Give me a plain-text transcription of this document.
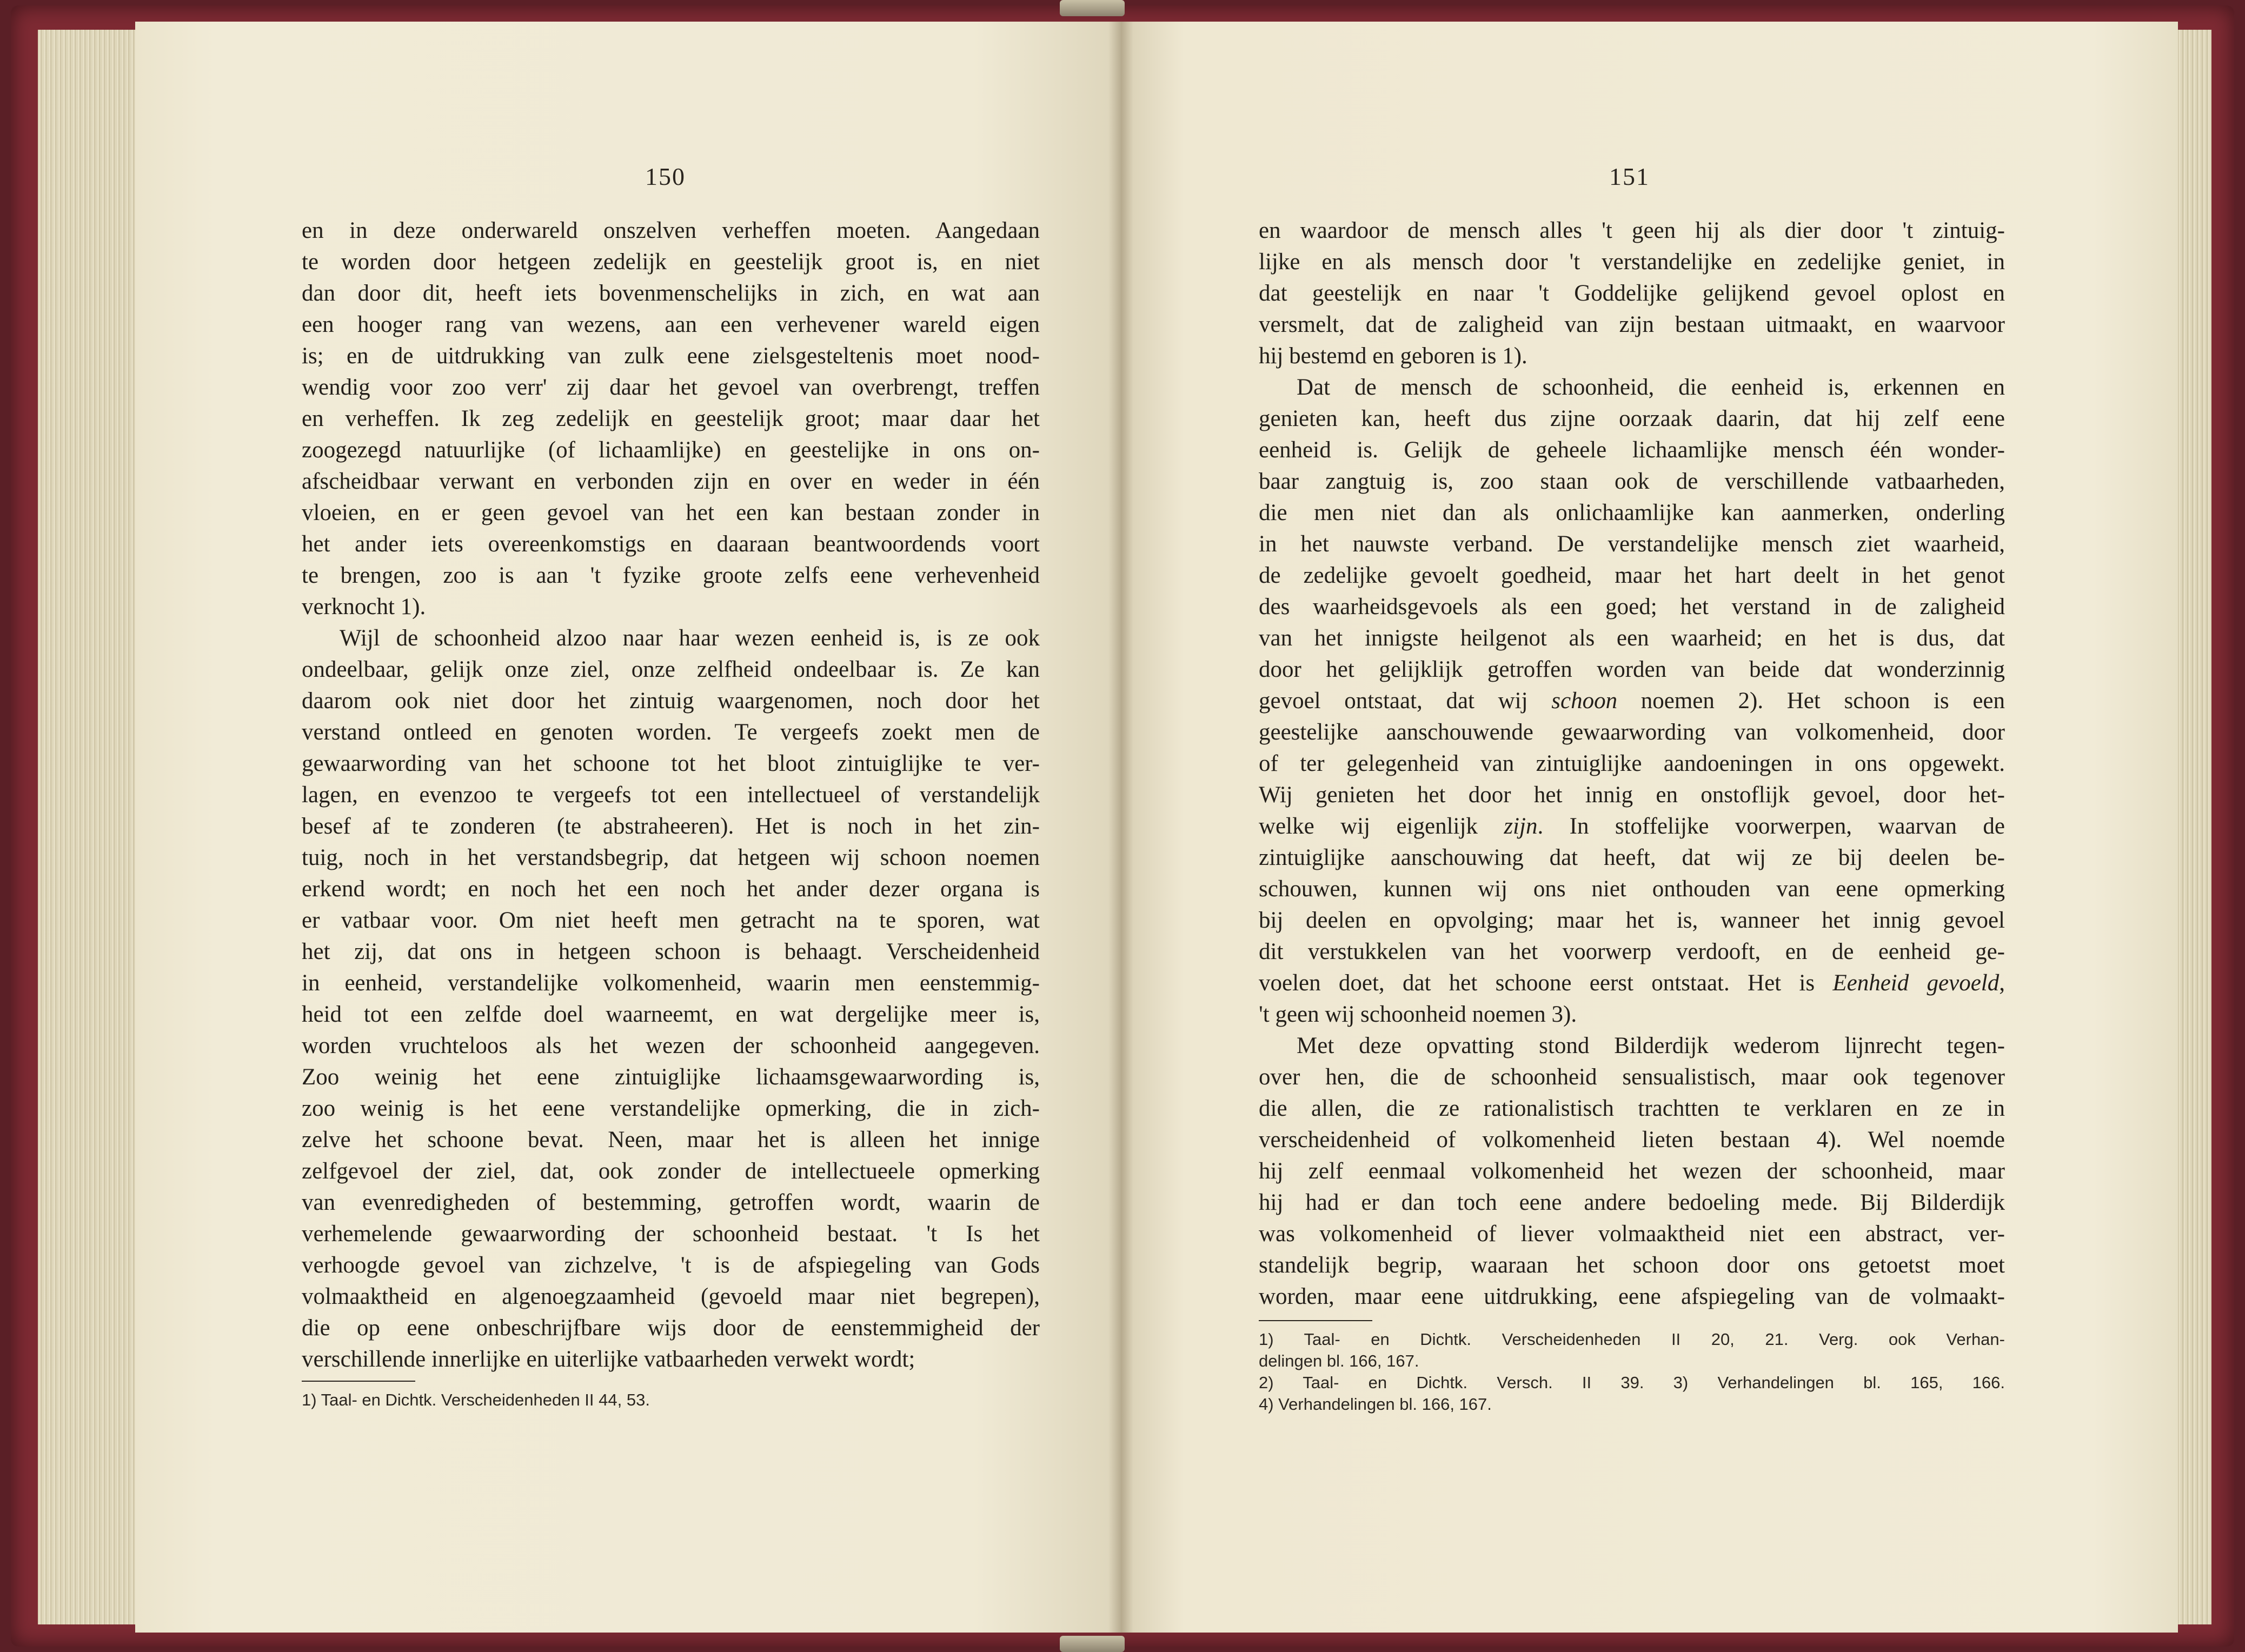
150	151
en in deze onderwareld onszelven verheffen moeten. Aangedaan
te worden door hetgeen zedelijk en geestelijk groot is, en niet
dan door dit, heeft iets bovenmenschelijks in zich, en wat aan
een hooger rang van wezens, aan een verhevener wareld eigen
is; en de uitdrukking van zulk eene zielsgesteltenis moet nood-
wendig voor zoo verr' zij daar het gevoel van overbrengt, treffen
en verheffen. Ik zeg zedelijk en geestelijk groot; maar daar het
zoogezegd natuurlijke (of lichaamlijke) en geestelijke in ons on-
afscheidbaar verwant en verbonden zijn en over en weder in één
vloeien, en er geen gevoel van het een kan bestaan zonder in
het ander iets overeenkomstigs en daaraan beantwoordends voort
te brengen, zoo is aan 't fyzike groote zelfs eene verhevenheid
verknocht 1).
Wijl de schoonheid alzoo naar haar wezen eenheid is, is ze ook
ondeelbaar, gelijk onze ziel, onze zelfheid ondeelbaar is. Ze kan
daarom ook niet door het zintuig waargenomen, noch door het
verstand ontleed en genoten worden. Te vergeefs zoekt men de
gewaarwording van het schoone tot het bloot zintuiglijke te ver-
lagen, en evenzoo te vergeefs tot een intellectueel of verstandelijk
besef af te zonderen (te abstraheeren). Het is noch in het zin-
tuig, noch in het verstandsbegrip, dat hetgeen wij schoon noemen
erkend wordt; en noch het een noch het ander dezer organa is
er vatbaar voor. Om niet heeft men getracht na te sporen, wat
het zij, dat ons in hetgeen schoon is behaagt. Verscheidenheid
in eenheid, verstandelijke volkomenheid, waarin men eenstemmig-
heid tot een zelfde doel waarneemt, en wat dergelijke meer is,
worden vruchteloos als het wezen der schoonheid aangegeven.
Zoo weinig het eene zintuiglijke lichaamsgewaarwording is,
zoo weinig is het eene verstandelijke opmerking, die in zich-
zelve het schoone bevat. Neen, maar het is alleen het innige
zelfgevoel der ziel, dat, ook zonder de intellectueele opmerking
van evenredigheden of bestemming, getroffen wordt, waarin de
verhemelende gewaarwording der schoonheid bestaat. 't Is het
verhoogde gevoel van zichzelve, 't is de afspiegeling van Gods
volmaaktheid en algenoegzaamheid (gevoeld maar niet begrepen),
die op eene onbeschrijfbare wijs door de eenstemmigheid der
verschillende innerlijke en uiterlijke vatbaarheden verwekt wordt;
1) Taal- en Dichtk. Verscheidenheden II 44, 53.
en waardoor de mensch alles 't geen hij als dier door 't zintuig-
lijke en als mensch door 't verstandelijke en zedelijke geniet, in
dat geestelijk en naar 't Goddelijke gelijkend gevoel oplost en
versmelt, dat de zaligheid van zijn bestaan uitmaakt, en waarvoor
hij bestemd en geboren is 1).
Dat de mensch de schoonheid, die eenheid is, erkennen en
genieten kan, heeft dus zijne oorzaak daarin, dat hij zelf eene
eenheid is. Gelijk de geheele lichaamlijke mensch één wonder-
baar zangtuig is, zoo staan ook de verschillende vatbaarheden,
die men niet dan als onlichaamlijke kan aanmerken, onderling
in het nauwste verband. De verstandelijke mensch ziet waarheid,
de zedelijke gevoelt goedheid, maar het hart deelt in het genot
des waarheidsgevoels als een goed; het verstand in de zaligheid
van het innigste heilgenot als een waarheid; en het is dus, dat
door het gelijklijk getroffen worden van beide dat wonderzinnig
gevoel ontstaat, dat wij schoon noemen 2). Het schoon is een
geestelijke aanschouwende gewaarwording van volkomenheid, door
of ter gelegenheid van zintuiglijke aandoeningen in ons opgewekt.
Wij genieten het door het innig en onstoflijk gevoel, door het-
welke wij eigenlijk zijn. In stoffelijke voorwerpen, waarvan de
zintuiglijke aanschouwing dat heeft, dat wij ze bij deelen be-
schouwen, kunnen wij ons niet onthouden van eene opmerking
bij deelen en opvolging; maar het is, wanneer het innig gevoel
dit verstukkelen van het voorwerp verdooft, en de eenheid ge-
voelen doet, dat het schoone eerst ontstaat. Het is Eenheid gevoeld,
't geen wij schoonheid noemen 3).
Met deze opvatting stond Bilderdijk wederom lijnrecht tegen-
over hen, die de schoonheid sensualistisch, maar ook tegenover
die allen, die ze rationalistisch trachtten te verklaren en ze in
verscheidenheid of volkomenheid lieten bestaan 4). Wel noemde
hij zelf eenmaal volkomenheid het wezen der schoonheid, maar
hij had er dan toch eene andere bedoeling mede. Bij Bilderdijk
was volkomenheid of liever volmaaktheid niet een abstract, ver-
standelijk begrip, waaraan het schoon door ons getoetst moet
worden, maar eene uitdrukking, eene afspiegeling van de volmaakt-
1) Taal- en Dichtk. Verscheidenheden II 20, 21. Verg. ook Verhan-
delingen bl. 166, 167.
2) Taal- en Dichtk. Versch. II 39. 3) Verhandelingen bl. 165, 166.
4) Verhandelingen bl. 166, 167.
